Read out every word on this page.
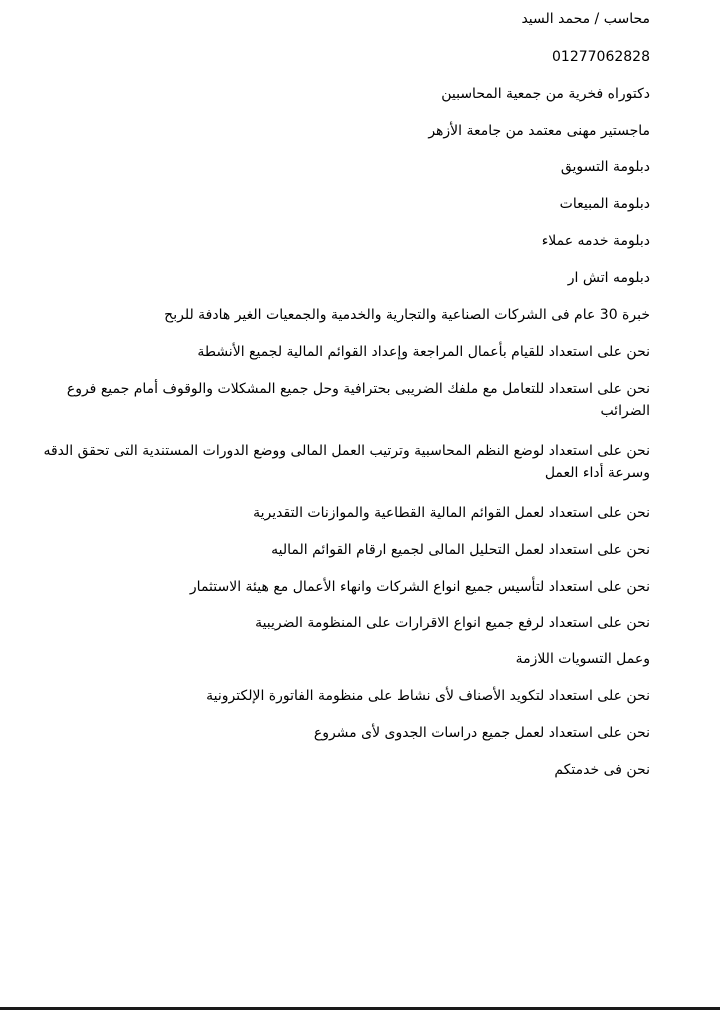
محاسب / محمد السيد

01277062828

دكتوراه فخرية من جمعية المحاسبين

ماجستير مهنى معتمد من جامعة الأزهر

دبلومة التسويق

دبلومة المبيعات

دبلومة خدمه عملاء

دبلومه اتش ار

خبرة 30 عام فى الشركات الصناعية والتجارية والخدمية والجمعيات الغير هادفة للربح

نحن على استعداد للقيام بأعمال المراجعة وإعداد القوائم المالية لجميع الأنشطة

نحن على استعداد للتعامل مع ملفك الضريبى بحترافية وحل جميع المشكلات والوقوف أمام جميع فروع الضرائب

نحن على استعداد لوضع النظم المحاسبية وترتيب العمل المالى ووضع الدورات المستندية التى تحقق الدقه وسرعة أداء العمل

نحن على استعداد لعمل القوائم المالية القطاعية والموازنات التقديرية

نحن على استعداد لعمل التحليل المالى لجميع ارقام القوائم الماليه

نحن على استعداد لتأسيس جميع انواع الشركات وانهاء الأعمال مع هيئة الاستثمار

نحن على استعداد لرفع جميع انواع الاقرارات على المنظومة الضريبية

وعمل التسويات اللازمة

نحن على استعداد لتكويد الأصناف لأى نشاط على منظومة الفاتورة الإلكترونية

نحن على استعداد لعمل جميع دراسات الجدوى لأى مشروع

نحن فى خدمتكم
